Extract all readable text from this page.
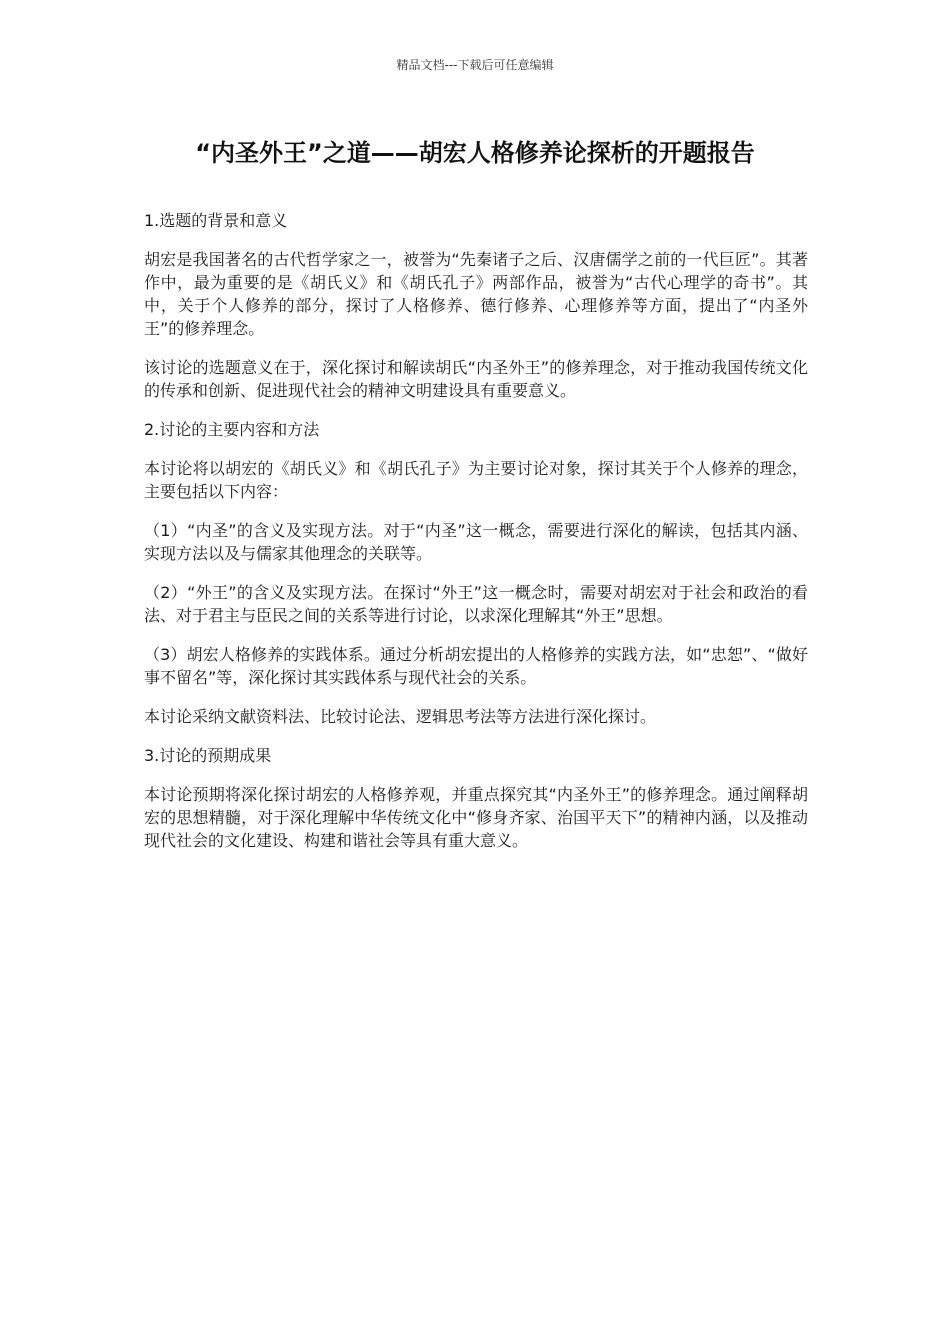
精品文档---下载后可任意编辑
“内圣外王”之道——胡宏人格修养论探析的开题报告

1.选题的背景和意义

胡宏是我国著名的古代哲学家之一，被誉为“先秦诸子之后、汉唐儒学之前的一代巨匠”。其著作中，最为重要的是《胡氏义》和《胡氏孔子》两部作品，被誉为“古代心理学的奇书”。其中，关于个人修养的部分，探讨了人格修养、德行修养、心理修养等方面，提出了“内圣外王”的修养理念。

该讨论的选题意义在于，深化探讨和解读胡氏“内圣外王”的修养理念，对于推动我国传统文化的传承和创新、促进现代社会的精神文明建设具有重要意义。

2.讨论的主要内容和方法

本讨论将以胡宏的《胡氏义》和《胡氏孔子》为主要讨论对象，探讨其关于个人修养的理念，主要包括以下内容：

（1）“内圣”的含义及实现方法。对于“内圣”这一概念，需要进行深化的解读，包括其内涵、实现方法以及与儒家其他理念的关联等。

（2）“外王”的含义及实现方法。在探讨“外王”这一概念时，需要对胡宏对于社会和政治的看法、对于君主与臣民之间的关系等进行讨论，以求深化理解其“外王”思想。

（3）胡宏人格修养的实践体系。通过分析胡宏提出的人格修养的实践方法，如“忠恕”、“做好事不留名”等，深化探讨其实践体系与现代社会的关系。

本讨论采纳文献资料法、比较讨论法、逻辑思考法等方法进行深化探讨。

3.讨论的预期成果

本讨论预期将深化探讨胡宏的人格修养观，并重点探究其“内圣外王”的修养理念。通过阐释胡宏的思想精髓，对于深化理解中华传统文化中“修身齐家、治国平天下”的精神内涵，以及推动现代社会的文化建设、构建和谐社会等具有重大意义。
